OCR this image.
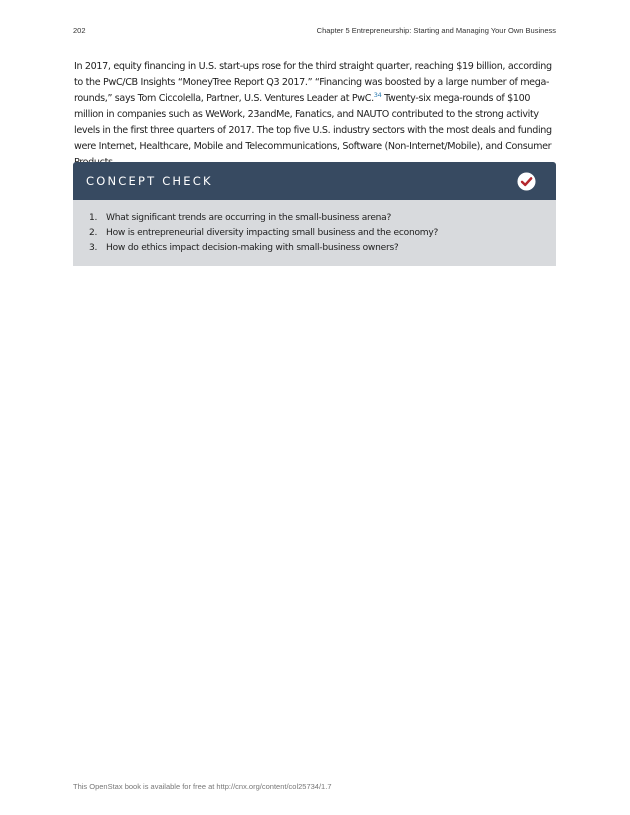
202	Chapter 5 Entrepreneurship: Starting and Managing Your Own Business

In 2017, equity financing in U.S. start-ups rose for the third straight quarter, reaching $19 billion, according to the PwC/CB Insights “MoneyTree Report Q3 2017.” “Financing was boosted by a large number of mega-rounds,” says Tom Ciccolella, Partner, U.S. Ventures Leader at PwC.$^{34}$ Twenty-six mega-rounds of $100 million in companies such as WeWork, 23andMe, Fanatics, and NAUTO contributed to the strong activity levels in the first three quarters of 2017. The top five U.S. industry sectors with the most deals and funding were Internet, Healthcare, Mobile and Telecommunications, Software (Non-Internet/Mobile), and Consumer

CONCEPT CHECK
1. What significant trends are occurring in the small-business arena?
2. How is entrepreneurial diversity impacting small business and the economy?
3. How do ethics impact decision-making with small-business owners?
This OpenStax book is available for free at http://cnx.org/content/col25734/1.7
